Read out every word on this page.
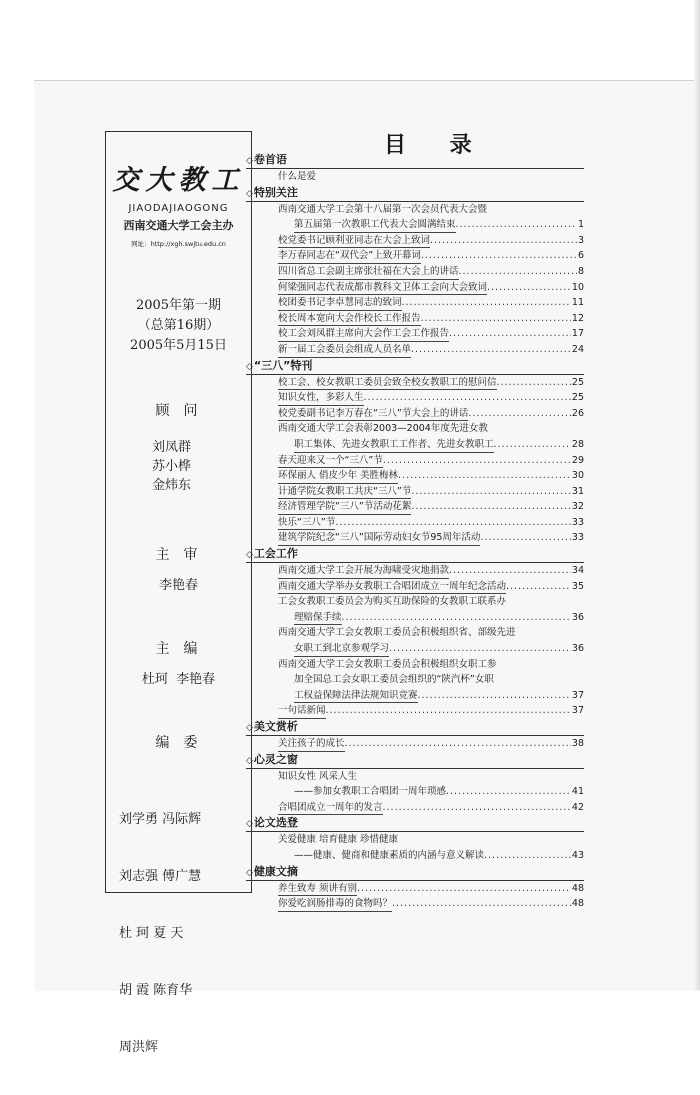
交大教工
JIAODAJIAOGONG
西南交通大学工会主办
网址：http://xgh.swjtu.edu.cn
2005年第一期
（总第16期）
2005年5月15日
顾问
刘凤群
苏小桦
金炜东
主审
李艳春
主编
杜珂  李艳春
编委

刘学勇 冯际辉

刘志强 傅广慧

杜 珂 夏 天

胡 霞 陈育华

周洪辉

目 录
◇卷首语
什么是爱
◇特别关注
西南交通大学工会第十八届第一次会员代表大会暨
第五届第一次教职工代表大会圆满结束 .....	1
校党委书记顾利亚同志在大会上致词 .....	3
李万春同志在“双代会”上致开幕词 .....	6
四川省总工会副主席张壮福在大会上的讲话 .....	8
何梁强同志代表成都市教科文卫体工会向大会致词 .....	10
校团委书记李卓慧同志的致词 .....	11
校长周本宽向大会作校长工作报告 .....	12
校工会刘凤群主席向大会作工会工作报告 .....	17
新一届工会委员会组成人员名单 .....	24
◇“三八”特刊
校工会、校女教职工委员会致全校女教职工的慰问信 .....	25
知识女性，多彩人生 .....	25
校党委副书记李万春在“三八”节大会上的讲话 .....	26
西南交通大学工会表彰2003—2004年度先进女教
职工集体、先进女教职工工作者、先进女教职工 .....	28
春天迎来又一个“三八”节 .....	29
环保丽人 俏皮少年 美胜梅林 .....	30
计通学院女教职工共庆“三八”节 .....	31
经济管理学院“三八”节活动花絮 .....	32
快乐“三八”节 .....	33
建筑学院纪念“三八”国际劳动妇女节95周年活动 .....	33
◇工会工作
西南交通大学工会开展为海啸受灾地捐款 .....	34
西南交通大学举办女教职工合唱团成立一周年纪念活动 .....	35
工会女教职工委员会为购买互助保险的女教职工联系办
理赔保手续 .....	36
西南交通大学工会女教职工委员会积极组织省、部级先进
女职工到北京参观学习 .....	36
西南交通大学工会女教职工委员会积极组织女职工参
加全国总工会女职工委员会组织的“陕汽杯”女职
工权益保障法律法规知识竞赛 .....	37
一句话新闻 .....	37
◇美文赏析
关注孩子的成长 .....	38
◇心灵之窗
知识女性 风采人生
——参加女教职工合唱团一周年琐感 .....	41
合唱团成立一周年的发言 .....	42
◇论文选登
关爱健康 培育健康 珍惜健康
——健康、健商和健康素质的内涵与意义解读 .....	43
◇健康文摘
养生致寿 须讲有别 .....	48
你爱吃润肠排毒的食物吗？ .....	48
